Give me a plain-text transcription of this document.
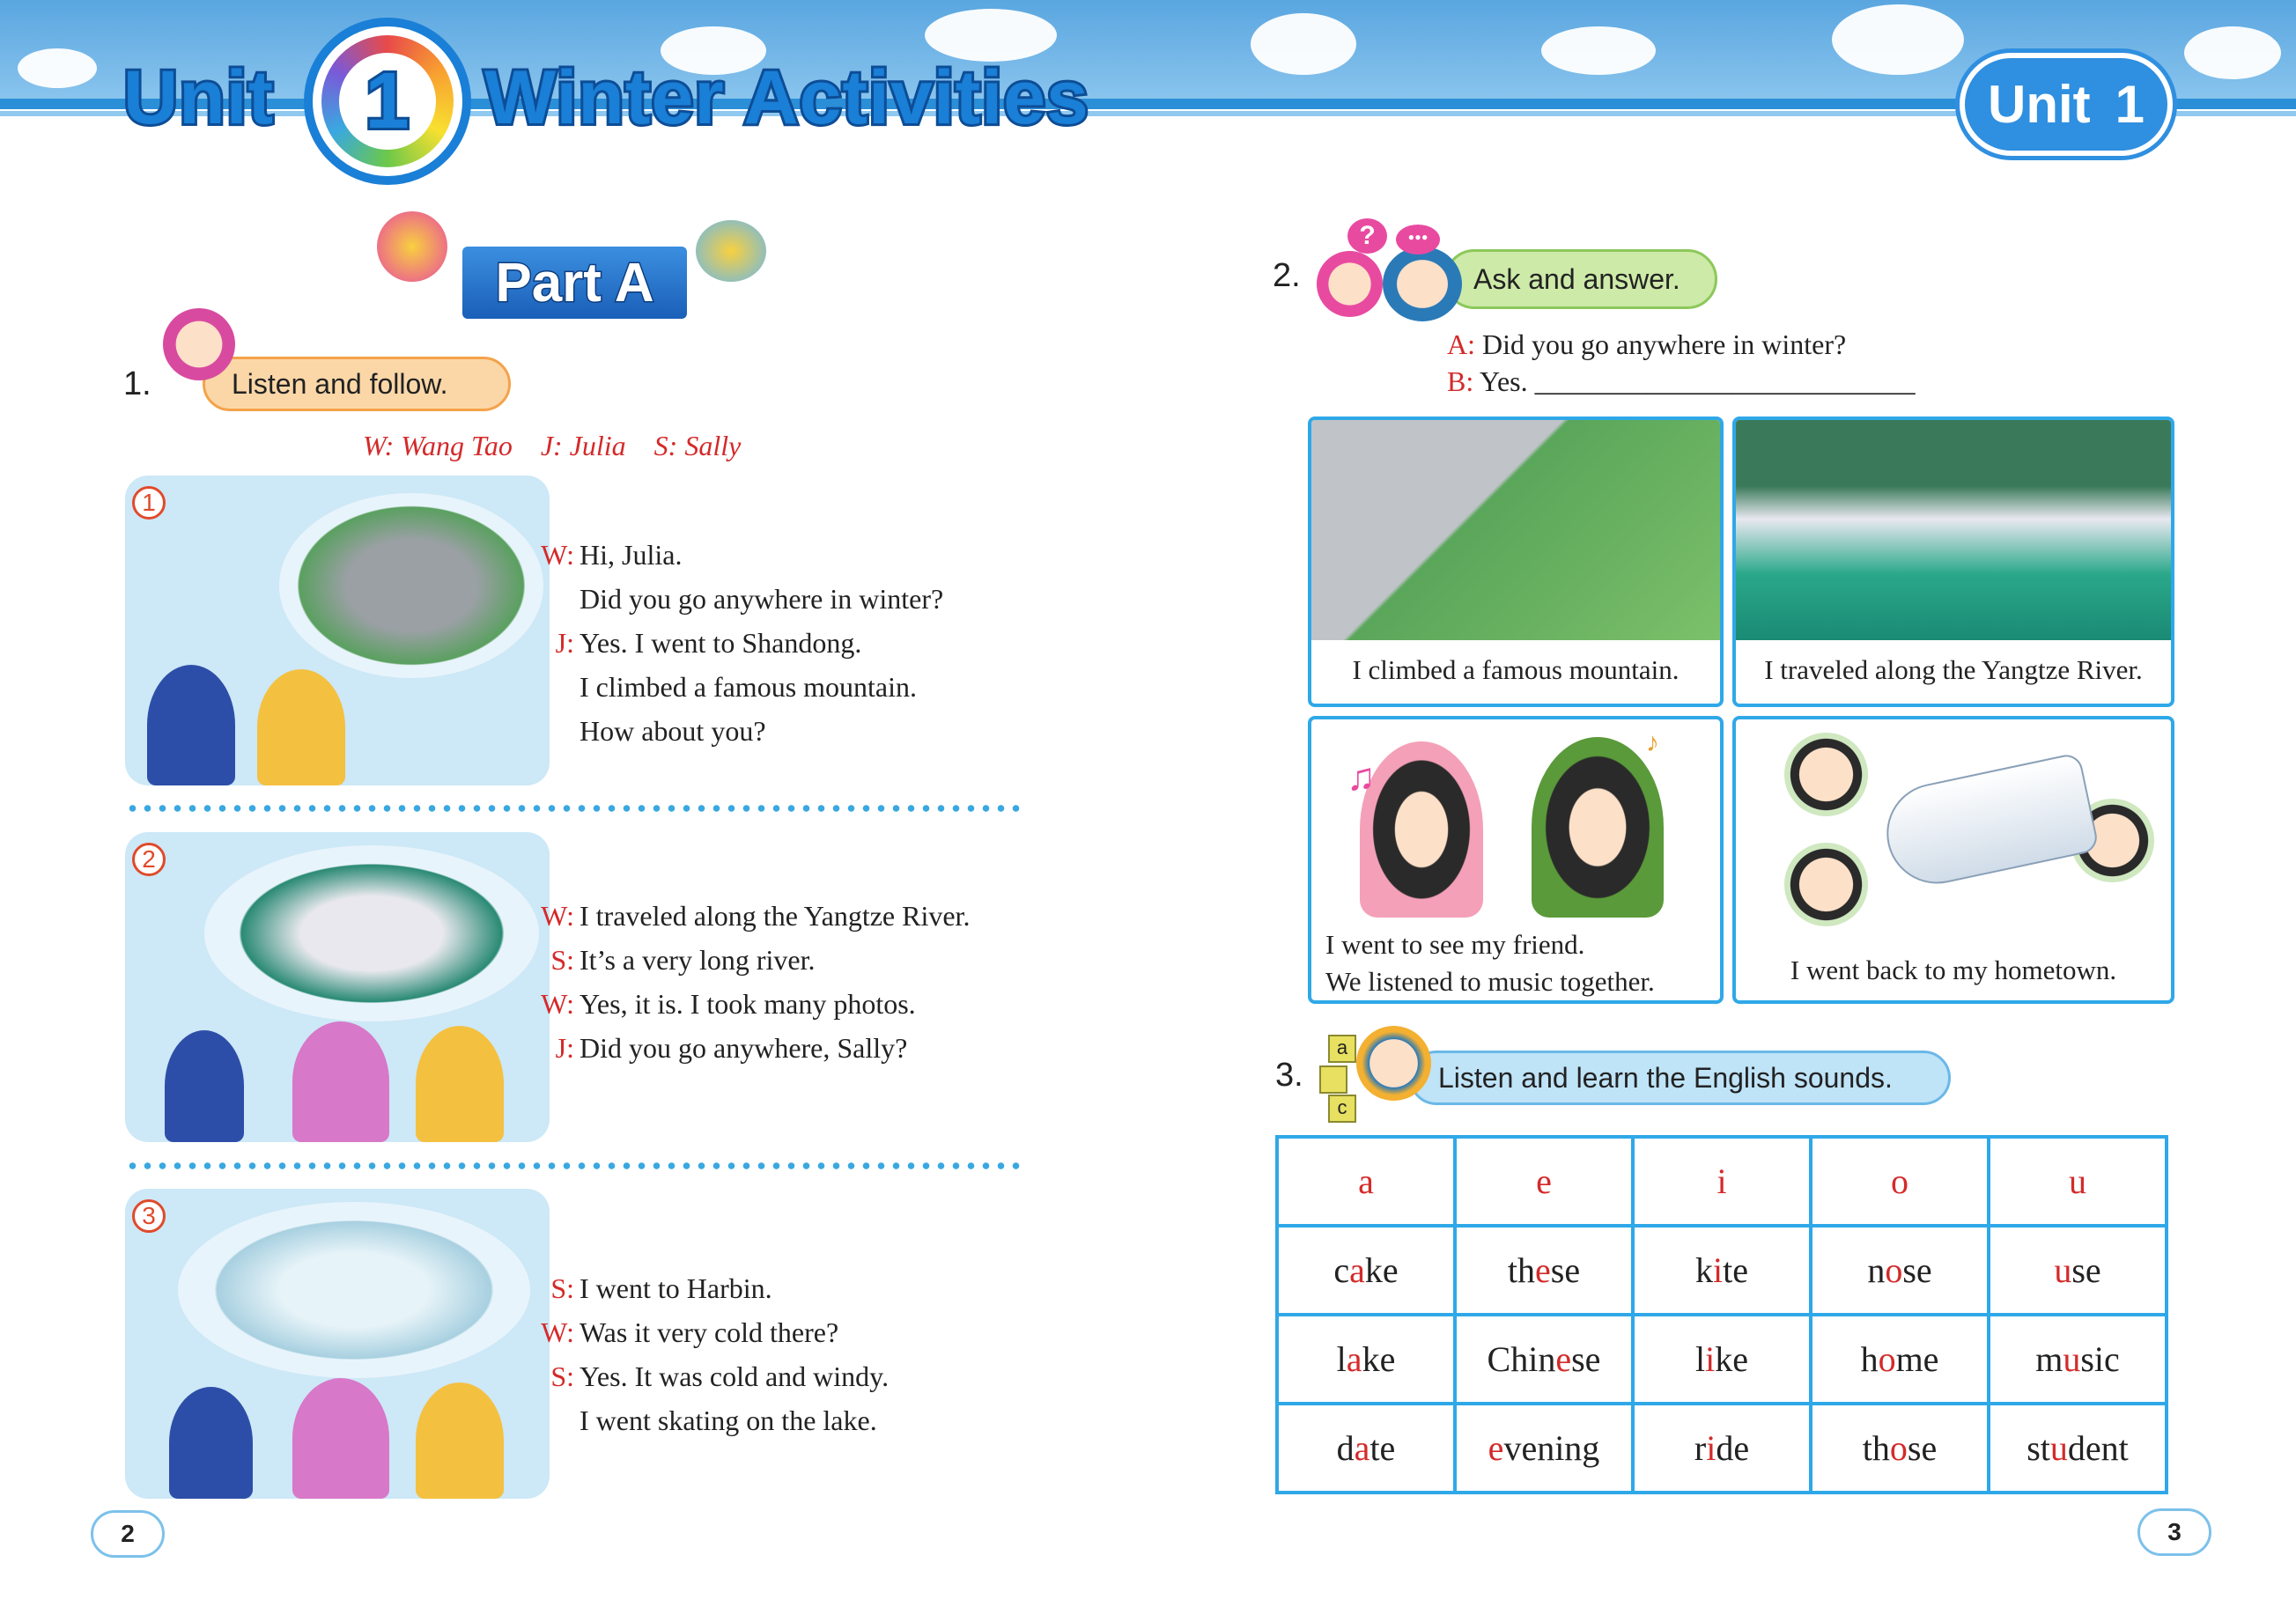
Unit 1 Winter Activities	Unit 1
Part A
1.	Listen and follow.
W: Wang Tao    J: Julia    S: Sally
1
W: Hi, Julia.
Did you go anywhere in winter?
J: Yes. I went to Shandong.
I climbed a famous mountain.
How about you?
2
W: I traveled along the Yangtze River.
S: It’s a very long river.
W: Yes, it is. I took many photos.
J: Did you go anywhere, Sally?
3
S: I went to Harbin.
W: Was it very cold there?
S: Yes. It was cold and windy.
I went skating on the lake.
2.	Ask and answer.
?	•••
A: Did you go anywhere in winter?
B: Yes. ___________________________
I climbed a famous mountain.	I traveled along the Yangtze River.
♫
♪
I went to see my friend.
We listened to music together.	I went back to my hometown.
3.	Listen and learn the English sounds.
a
c
a	e	i	o	u
cake	these	kite	nose	use
lake	Chinese	like	home	music
date	evening	ride	those	student
2	3
